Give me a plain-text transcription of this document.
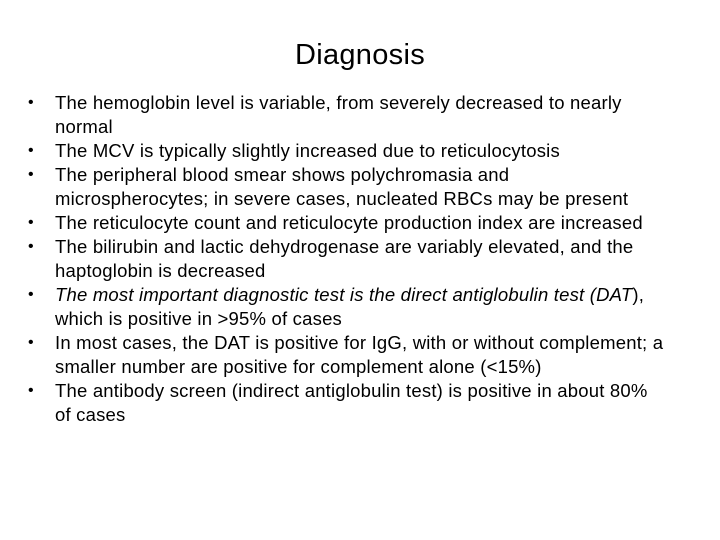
Diagnosis
• The hemoglobin level is variable, from severely decreased to nearly normal
• The MCV is typically slightly increased due to reticulocytosis
• The peripheral blood smear shows polychromasia and microspherocytes; in severe cases, nucleated RBCs may be present
• The reticulocyte count and reticulocyte production index are increased
• The bilirubin and lactic dehydrogenase are variably elevated, and the haptoglobin is decreased
• The most important diagnostic test is the direct antiglobulin test (DAT), which is positive in >95% of cases
• In most cases, the DAT is positive for IgG, with or without complement; a smaller number are positive for complement alone (<15%)
• The antibody screen (indirect antiglobulin test) is positive in about 80% of cases
